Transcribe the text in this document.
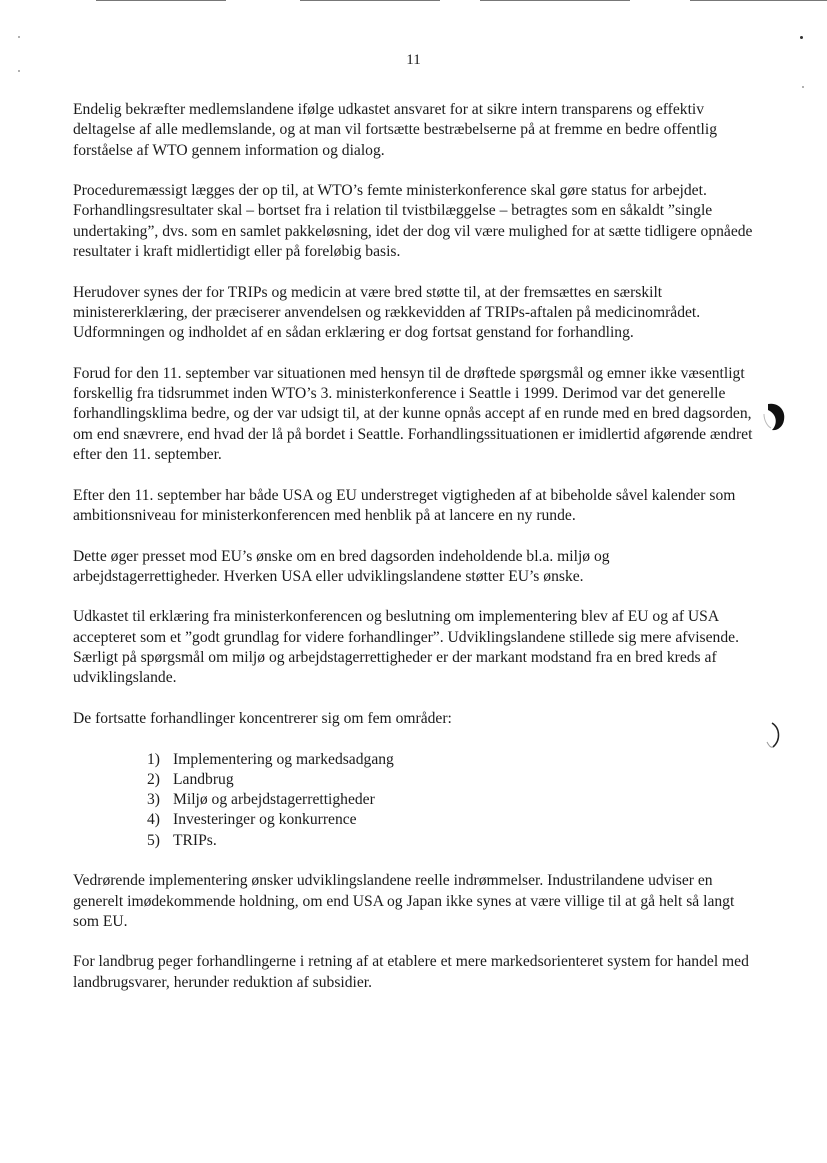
11

Endelig bekræfter medlemslandene ifølge udkastet ansvaret for at sikre intern transparens og effektiv deltagelse af alle medlemslande, og at man vil fortsætte bestræbelserne på at fremme en bedre offentlig forståelse af WTO gennem information og dialog.

Proceduremæssigt lægges der op til, at WTO’s femte ministerkonference skal gøre status for arbejdet. Forhandlingsresultater skal – bortset fra i relation til tvistbilæggelse – betragtes som en såkaldt ”single undertaking”, dvs. som en samlet pakkeløsning, idet der dog vil være mulighed for at sætte tidligere opnåede resultater i kraft midlertidigt eller på foreløbig basis.

Herudover synes der for TRIPs og medicin at være bred støtte til, at der fremsættes en særskilt ministererklæring, der præciserer anvendelsen og rækkevidden af TRIPs-aftalen på medicinområdet. Udformningen og indholdet af en sådan erklæring er dog fortsat genstand for forhandling.

Forud for den 11. september var situationen med hensyn til de drøftede spørgsmål og emner ikke væsentligt forskellig fra tidsrummet inden WTO’s 3. ministerkonference i Seattle i 1999. Derimod var det generelle forhandlingsklima bedre, og der var udsigt til, at der kunne opnås accept af en runde med en bred dagsorden, om end snævrere, end hvad der lå på bordet i Seattle. Forhandlingssituationen er imidlertid afgørende ændret efter den 11. september.

Efter den 11. september har både USA og EU understreget vigtigheden af at bibeholde såvel kalender som ambitionsniveau for ministerkonferencen med henblik på at lancere en ny runde.

Dette øger presset mod EU’s ønske om en bred dagsorden indeholdende bl.a. miljø og arbejdstagerrettigheder. Hverken USA eller udviklingslandene støtter EU’s ønske.

Udkastet til erklæring fra ministerkonferencen og beslutning om implementering blev af EU og af USA accepteret som et ”godt grundlag for videre forhandlinger”. Udviklingslandene stillede sig mere afvisende. Særligt på spørgsmål om miljø og arbejdstagerrettigheder er der markant modstand fra en bred kreds af udviklingslande.

De fortsatte forhandlinger koncentrerer sig om fem områder:

1) Implementering og markedsadgang
2) Landbrug
3) Miljø og arbejdstagerrettigheder
4) Investeringer og konkurrence
5) TRIPs.

Vedrørende implementering ønsker udviklingslandene reelle indrømmelser. Industrilandene udviser en generelt imødekommende holdning, om end USA og Japan ikke synes at være villige til at gå helt så langt som EU.

For landbrug peger forhandlingerne i retning af at etablere et mere markedsorienteret system for handel med landbrugsvarer, herunder reduktion af subsidier.
